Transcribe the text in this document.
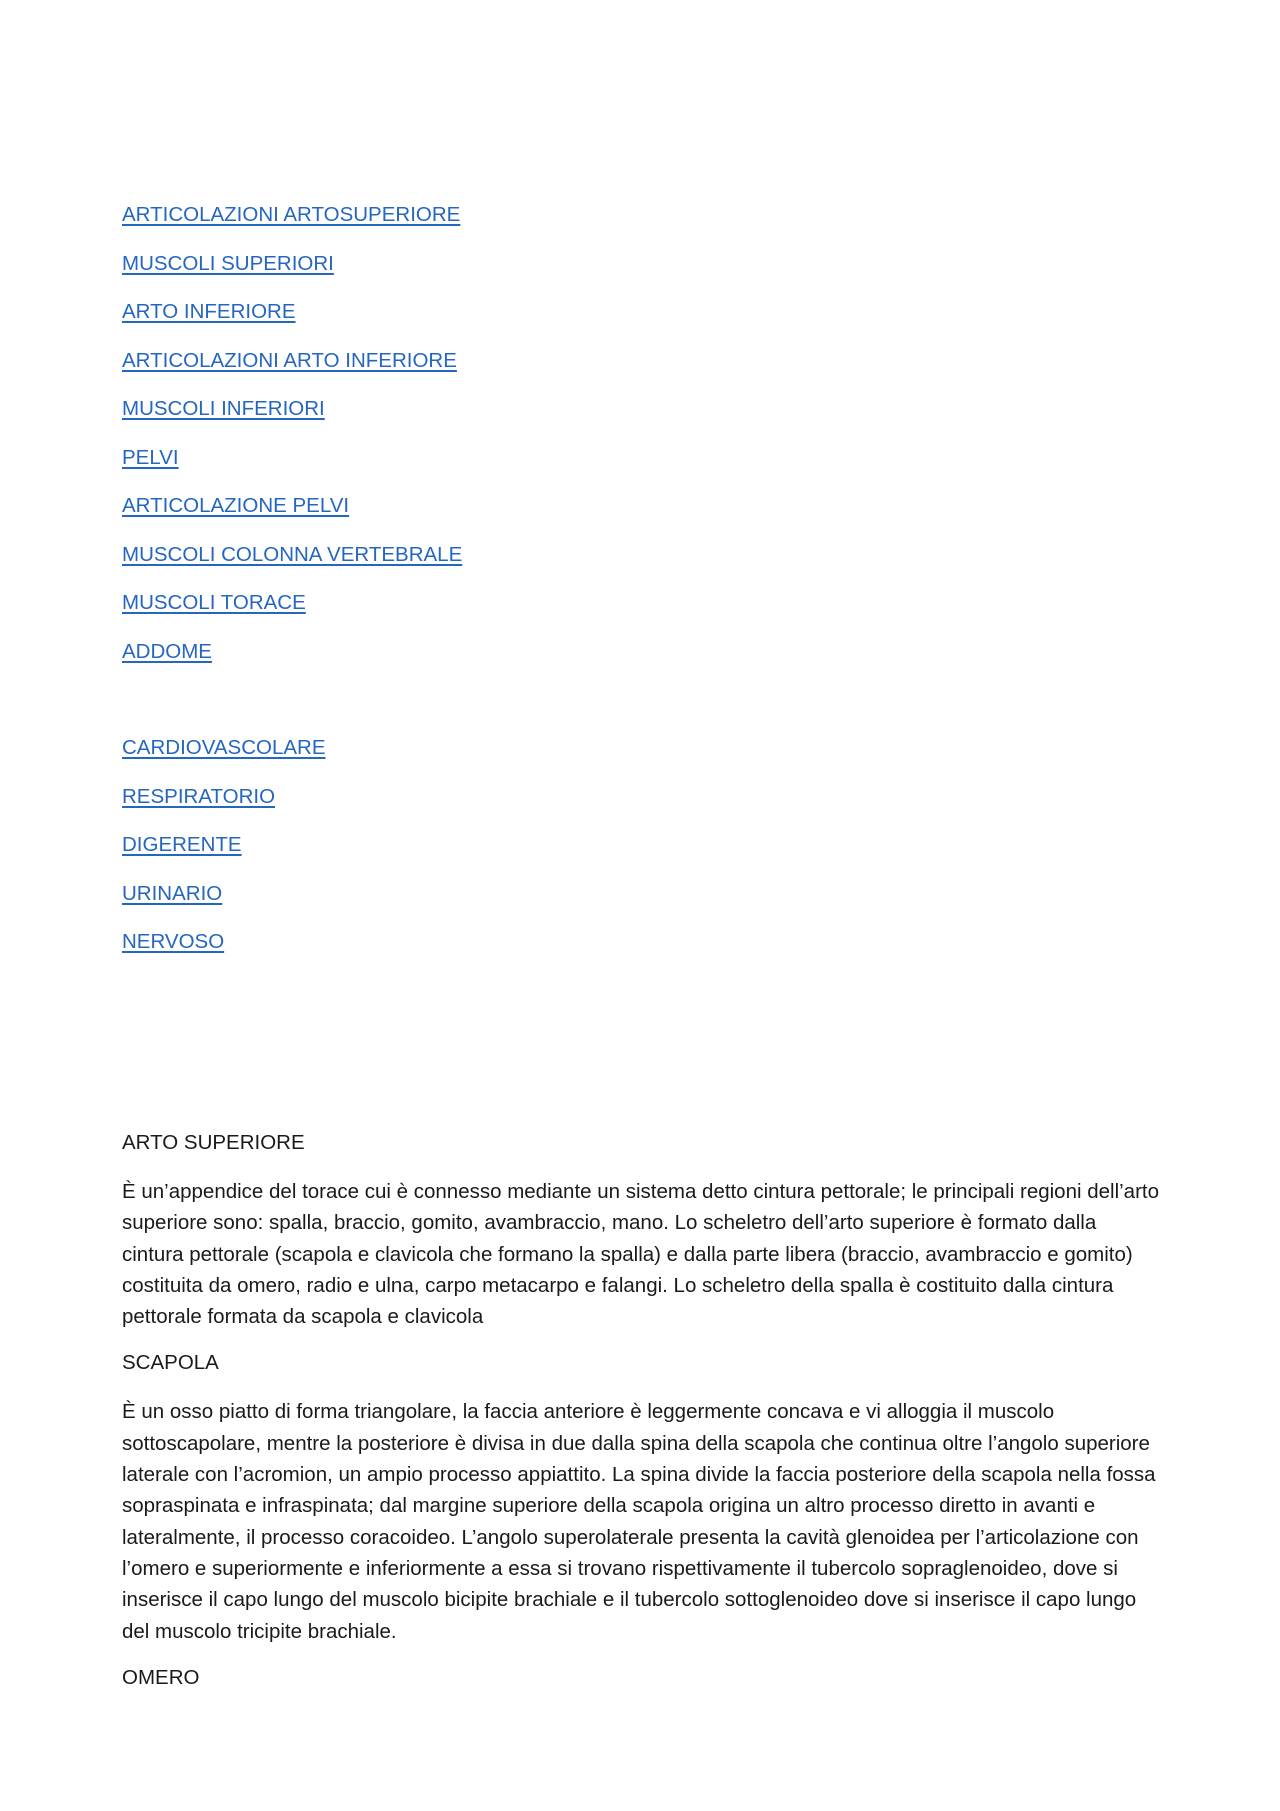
ARTICOLAZIONI ARTOSUPERIORE
MUSCOLI SUPERIORI
ARTO INFERIORE
ARTICOLAZIONI ARTO INFERIORE
MUSCOLI INFERIORI
PELVI
ARTICOLAZIONE PELVI
MUSCOLI COLONNA VERTEBRALE
MUSCOLI TORACE
ADDOME
CARDIOVASCOLARE
RESPIRATORIO
DIGERENTE
URINARIO
NERVOSO
ARTO SUPERIORE

È un’appendice del torace cui è connesso mediante un sistema detto cintura pettorale; le principali regioni dell’arto superiore sono: spalla, braccio, gomito, avambraccio, mano. Lo scheletro dell’arto superiore è formato dalla cintura pettorale (scapola e clavicola che formano la spalla) e dalla parte libera (braccio, avambraccio e gomito) costituita da omero, radio e ulna, carpo metacarpo e falangi. Lo scheletro della spalla è costituito dalla cintura pettorale formata da scapola e clavicola

SCAPOLA

È un osso piatto di forma triangolare, la faccia anteriore è leggermente concava e vi alloggia il muscolo sottoscapolare, mentre la posteriore è divisa in due dalla spina della scapola che continua oltre l’angolo superiore laterale con l’acromion, un ampio processo appiattito. La spina divide la faccia posteriore della scapola nella fossa sopraspinata e infraspinata; dal margine superiore della scapola origina un altro processo diretto in avanti e lateralmente, il processo coracoideo. L’angolo superolaterale presenta la cavità glenoidea per l’articolazione con l’omero e superiormente e inferiormente a essa si trovano rispettivamente il tubercolo sopraglenoideo, dove si inserisce il capo lungo del muscolo bicipite brachiale e il tubercolo sottoglenoideo dove si inserisce il capo lungo del muscolo tricipite brachiale.

OMERO
